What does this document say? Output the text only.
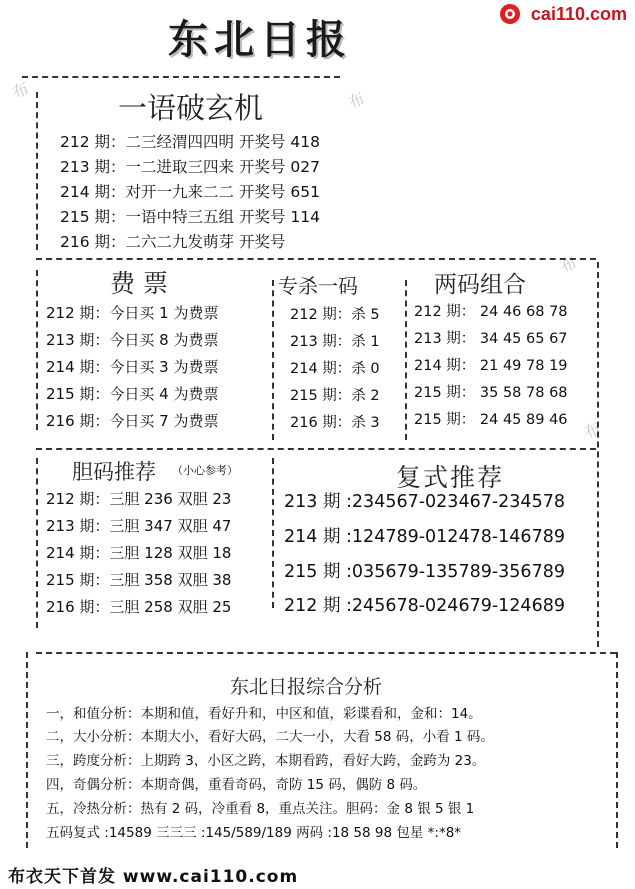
东北日报
cai110.com
布	布
布
布
一语破玄机
212 期：二三经渭四四明 开奖号 418
213 期：一二进取三四来 开奖号 027
214 期：对开一九来二二 开奖号 651
215 期：一语中特三五组 开奖号 114
216 期：二六二九发萌芽 开奖号
费票
212 期：今日买 1 为费票
213 期：今日买 8 为费票
214 期：今日买 3 为费票
215 期：今日买 4 为费票
216 期：今日买 7 为费票
专杀一码
212 期：杀 5
213 期：杀 1
214 期：杀 0
215 期：杀 2
216 期：杀 3
两码组合
212 期： 24 46 68 78
213 期： 34 45 65 67
214 期： 21 49 78 19
215 期： 35 58 78 68
215 期： 24 45 89 46
胆码推荐 （小心参考）
212 期：三胆 236 双胆 23
213 期：三胆 347 双胆 47
214 期：三胆 128 双胆 18
215 期：三胆 358 双胆 38
216 期：三胆 258 双胆 25
复式推荐
213 期 :234567-023467-234578
214 期 :124789-012478-146789
215 期 :035679-135789-356789
212 期 :245678-024679-124689
东北日报综合分析
一，和值分析：本期和值，看好升和，中区和值，彩谍看和，金和：14。
二，大小分析：本期大小，看好大码，二大一小，大看 58 码，小看 1 码。
三，跨度分析：上期跨 3，小区之跨，本期看跨，看好大跨，金跨为 23。
四，奇偶分析：本期奇偶，重看奇码，奇防 15 码，偶防 8 码。
五，冷热分析：热有 2 码，冷重看 8，重点关注。胆码：金 8 银 5 银 1
五码复式 :14589 三三三 :145/589/189 两码 :18 58 98 包星 *:*8*
布衣天下首发 www.cai110.com
